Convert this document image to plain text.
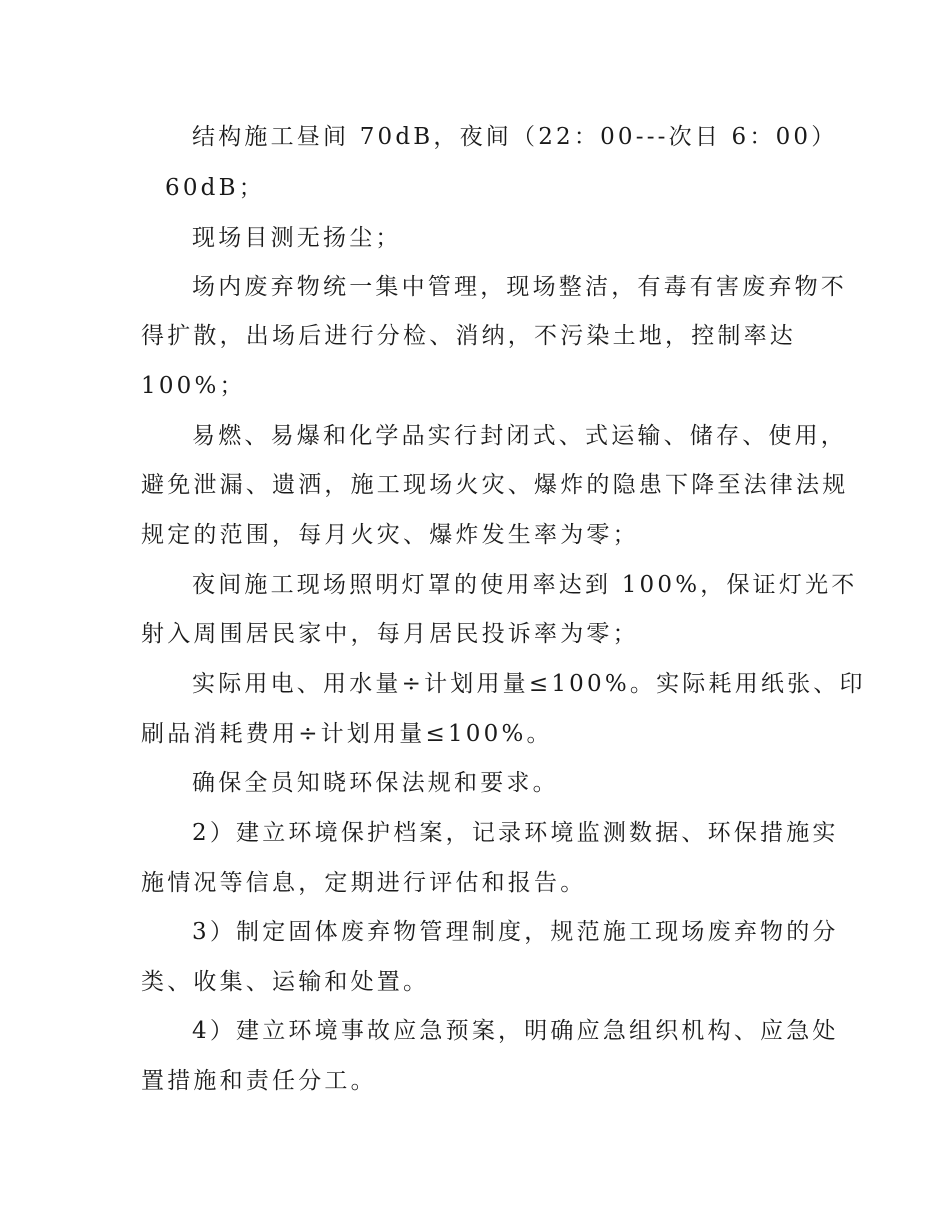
结构施工昼间 70dB，夜间（22：00---次日 6：00）

60dB；

现场目测无扬尘；

场内废弃物统一集中管理，现场整洁，有毒有害废弃物不

得扩散，出场后进行分检、消纳，不污染土地，控制率达

100%；

易燃、易爆和化学品实行封闭式、式运输、储存、使用，

避免泄漏、遗洒，施工现场火灾、爆炸的隐患下降至法律法规

规定的范围，每月火灾、爆炸发生率为零；

夜间施工现场照明灯罩的使用率达到 100%，保证灯光不

射入周围居民家中，每月居民投诉率为零；

实际用电、用水量÷计划用量≤100%。实际耗用纸张、印

刷品消耗费用÷计划用量≤100%。

确保全员知晓环保法规和要求。

2）建立环境保护档案，记录环境监测数据、环保措施实

施情况等信息，定期进行评估和报告。

3）制定固体废弃物管理制度，规范施工现场废弃物的分

类、收集、运输和处置。

4）建立环境事故应急预案，明确应急组织机构、应急处

置措施和责任分工。
